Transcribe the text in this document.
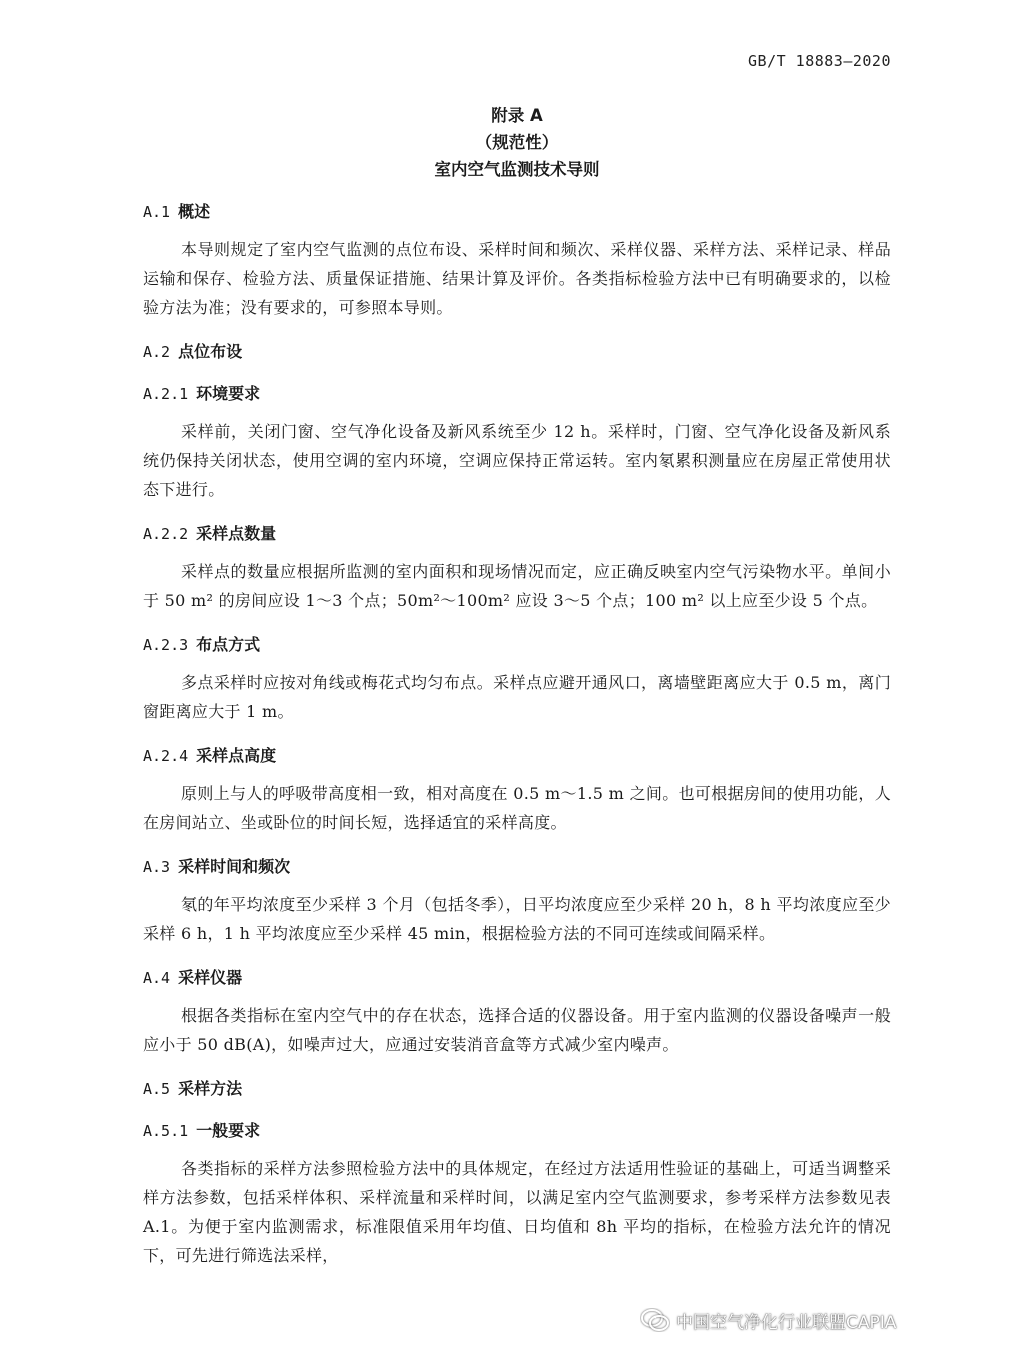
GB/T 18883—2020
附录 A
（规范性）
室内空气监测技术导则
A.1 概述

本导则规定了室内空气监测的点位布设、采样时间和频次、采样仪器、采样方法、采样记录、样品运输和保存、检验方法、质量保证措施、结果计算及评价。各类指标检验方法中已有明确要求的，以检验方法为准；没有要求的，可参照本导则。

A.2 点位布设
A.2.1 环境要求

采样前，关闭门窗、空气净化设备及新风系统至少 12 h。采样时，门窗、空气净化设备及新风系统仍保持关闭状态，使用空调的室内环境，空调应保持正常运转。室内氡累积测量应在房屋正常使用状态下进行。

A.2.2 采样点数量

采样点的数量应根据所监测的室内面积和现场情况而定，应正确反映室内空气污染物水平。单间小于 50 m² 的房间应设 1～3 个点；50m²～100m² 应设 3～5 个点；100 m² 以上应至少设 5 个点。

A.2.3 布点方式

多点采样时应按对角线或梅花式均匀布点。采样点应避开通风口，离墙壁距离应大于 0.5 m，离门窗距离应大于 1 m。

A.2.4 采样点高度

原则上与人的呼吸带高度相一致，相对高度在 0.5 m～1.5 m 之间。也可根据房间的使用功能，人在房间站立、坐或卧位的时间长短，选择适宜的采样高度。

A.3 采样时间和频次

氡的年平均浓度至少采样 3 个月（包括冬季），日平均浓度应至少采样 20 h，8 h 平均浓度应至少采样 6 h，1 h 平均浓度应至少采样 45 min，根据检验方法的不同可连续或间隔采样。

A.4 采样仪器

根据各类指标在室内空气中的存在状态，选择合适的仪器设备。用于室内监测的仪器设备噪声一般应小于 50 dB(A)，如噪声过大，应通过安装消音盒等方式减少室内噪声。

A.5 采样方法
A.5.1 一般要求

各类指标的采样方法参照检验方法中的具体规定，在经过方法适用性验证的基础上，可适当调整采样方法参数，包括采样体积、采样流量和采样时间，以满足室内空气监测要求，参考采样方法参数见表 A.1。为便于室内监测需求，标准限值采用年均值、日均值和 8h 平均的指标，在检验方法允许的情况下，可先进行筛选法采样，

中国空气净化行业联盟CAPIA
